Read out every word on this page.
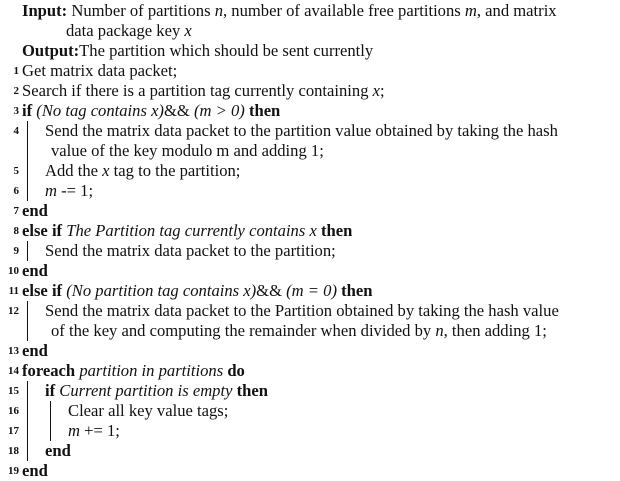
Input: Number of partitions n, number of available free partitions m, and matrix
data package key
x
Output: The partition which should be sent currently
1 Get matrix data packet;
2 Search if there is a partition tag currently containing x ;
3 if
(No tag contains x) &&
(m > 0)
then
4 Send the matrix data packet to the partition value obtained by taking the hash
value of the key modulo m and adding 1;
5 Add the x tag to the partition;
6 m -= 1;
7 end
8 else if
The Partition tag currently contains x
then
9 Send the matrix data packet to the partition;
10 end
11 else if
(No partition tag contains x) &&
(m = 0)
then
12 Send the matrix data packet to the Partition obtained by taking the hash value
of the key and computing the remainder when divided by n , then adding 1;
13 end
14 foreach
partition in partitions
do
15 if
Current partition is empty
then
16	Clear all key value tags;
17	m += 1;
18 end
19 end
